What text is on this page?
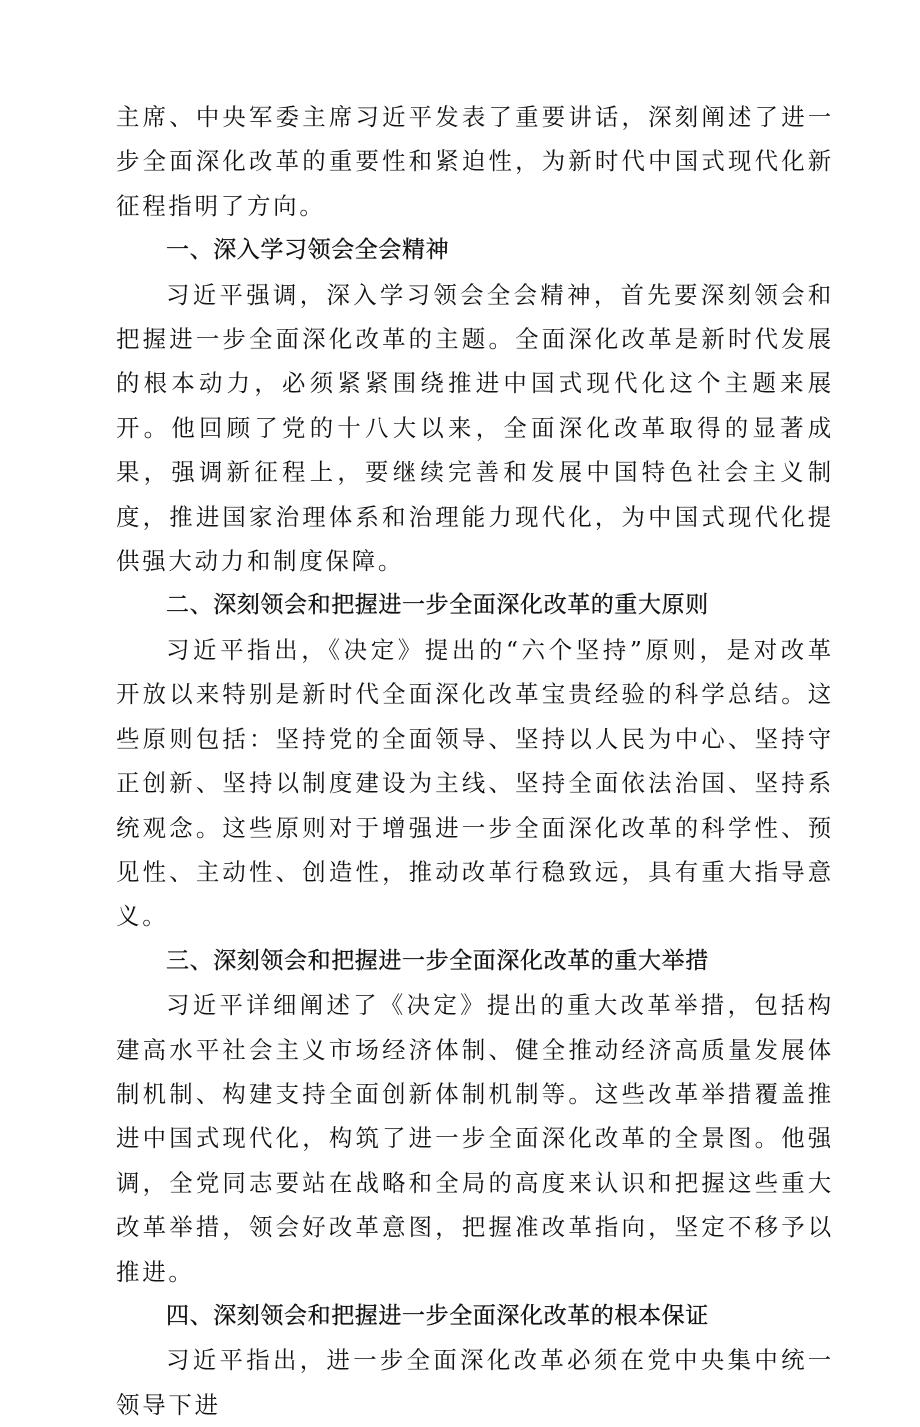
主席、中央军委主席习近平发表了重要讲话，深刻阐述了进一步全面深化改革的重要性和紧迫性，为新时代中国式现代化新征程指明了方向。

一、深入学习领会全会精神

习近平强调，深入学习领会全会精神，首先要深刻领会和把握进一步全面深化改革的主题。全面深化改革是新时代发展的根本动力，必须紧紧围绕推进中国式现代化这个主题来展开。他回顾了党的十八大以来，全面深化改革取得的显著成果，强调新征程上，要继续完善和发展中国特色社会主义制度，推进国家治理体系和治理能力现代化，为中国式现代化提供强大动力和制度保障。

二、深刻领会和把握进一步全面深化改革的重大原则

习近平指出，《决定》提出的“六个坚持”原则，是对改革开放以来特别是新时代全面深化改革宝贵经验的科学总结。这些原则包括：坚持党的全面领导、坚持以人民为中心、坚持守正创新、坚持以制度建设为主线、坚持全面依法治国、坚持系统观念。这些原则对于增强进一步全面深化改革的科学性、预见性、主动性、创造性，推动改革行稳致远，具有重大指导意义。

三、深刻领会和把握进一步全面深化改革的重大举措

习近平详细阐述了《决定》提出的重大改革举措，包括构建高水平社会主义市场经济体制、健全推动经济高质量发展体制机制、构建支持全面创新体制机制等。这些改革举措覆盖推进中国式现代化，构筑了进一步全面深化改革的全景图。他强调，全党同志要站在战略和全局的高度来认识和把握这些重大改革举措，领会好改革意图，把握准改革指向，坚定不移予以推进。

四、深刻领会和把握进一步全面深化改革的根本保证

习近平指出，进一步全面深化改革必须在党中央集中统一领导下进
